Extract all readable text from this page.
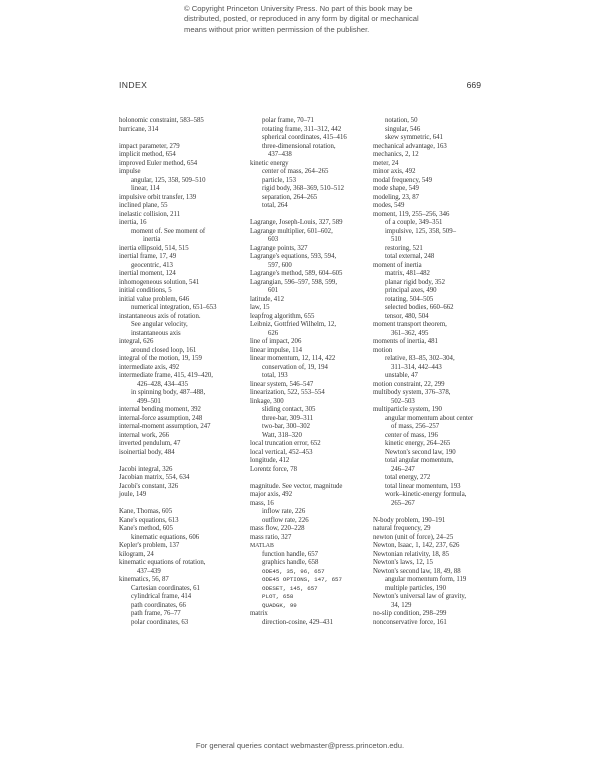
© Copyright Princeton University Press. No part of this book may be
distributed, posted, or reproduced in any form by digital or mechanical
means without prior written permission of the publisher.
INDEX	669
holonomic constraint, 583–585
hurricane, 314
impact parameter, 279
implicit method, 654
improved Euler method, 654
impulse
angular, 125, 358, 509–510
linear, 114
impulsive orbit transfer, 139
inclined plane, 55
inelastic collision, 211
inertia, 16
moment of. See moment of
inertia
inertia ellipsoid, 514, 515
inertial frame, 17, 49
geocentric, 413
inertial moment, 124
inhomogeneous solution, 541
initial conditions, 5
initial value problem, 646
numerical integration, 651–653
instantaneous axis of rotation.
See angular velocity,
instantaneous axis
integral, 626
around closed loop, 161
integral of the motion, 19, 159
intermediate axis, 492
intermediate frame, 415, 419–420,
426–428, 434–435
in spinning body, 487–488,
499–501
internal bending moment, 392
internal-force assumption, 248
internal-moment assumption, 247
internal work, 266
inverted pendulum, 47
isoinertial body, 484
Jacobi integral, 326
Jacobian matrix, 554, 634
Jacobi's constant, 326
joule, 149
Kane, Thomas, 605
Kane's equations, 613
Kane's method, 605
kinematic equations, 606
Kepler's problem, 137
kilogram, 24
kinematic equations of rotation,
437–439
kinematics, 56, 87
Cartesian coordinates, 61
cylindrical frame, 414
path coordinates, 66
path frame, 76–77
polar coordinates, 63
polar frame, 70–71
rotating frame, 311–312, 442
spherical coordinates, 415–416
three-dimensional rotation,
437–438
kinetic energy
center of mass, 264–265
particle, 153
rigid body, 368–369, 510–512
separation, 264–265
total, 264
Lagrange, Joseph-Louis, 327, 589
Lagrange multiplier, 601–602,
603
Lagrange points, 327
Lagrange's equations, 593, 594,
597, 600
Lagrange's method, 589, 604–605
Lagrangian, 596–597, 598, 599,
601
latitude, 412
law, 15
leapfrog algorithm, 655
Leibniz, Gottfried Wilhelm, 12,
626
line of impact, 206
linear impulse, 114
linear momentum, 12, 114, 422
conservation of, 19, 194
total, 193
linear system, 546–547
linearization, 522, 553–554
linkage, 300
sliding contact, 305
three-bar, 309–311
two-bar, 300–302
Watt, 318–320
local truncation error, 652
local vertical, 452–453
longitude, 412
Lorentz force, 78
magnitude. See vector, magnitude
major axis, 492
mass, 16
inflow rate, 226
outflow rate, 226
mass flow, 220–228
mass ratio, 327
MATLAB
function handle, 657
graphics handle, 658
ODE45, 35, 96, 657
ODE45 OPTIONS, 147, 657
ODESET, 145, 657
PLOT, 658
QUADGK, 99
matrix
direction-cosine, 429–431
notation, 50
singular, 546
skew symmetric, 641
mechanical advantage, 163
mechanics, 2, 12
meter, 24
minor axis, 492
modal frequency, 549
mode shape, 549
modeling, 23, 87
modes, 549
moment, 119, 255–256, 346
of a couple, 349–351
impulsive, 125, 358, 509–
510
restoring, 521
total external, 248
moment of inertia
matrix, 481–482
planar rigid body, 352
principal axes, 490
rotating, 504–505
selected bodies, 660–662
tensor, 480, 504
moment transport theorem,
361–362, 495
moments of inertia, 481
motion
relative, 83–85, 302–304,
311–314, 442–443
unstable, 47
motion constraint, 22, 299
multibody system, 376–378,
502–503
multiparticle system, 190
angular momentum about center
of mass, 256–257
center of mass, 196
kinetic energy, 264–265
Newton's second law, 190
total angular momentum,
246–247
total energy, 272
total linear momentum, 193
work–kinetic-energy formula,
265–267
N-body problem, 190–191
natural frequency, 29
newton (unit of force), 24–25
Newton, Isaac, 1, 142, 237, 626
Newtonian relativity, 18, 85
Newton's laws, 12, 15
Newton's second law, 18, 49, 88
angular momentum form, 119
multiple particles, 190
Newton's universal law of gravity,
34, 129
no-slip condition, 298–299
nonconservative force, 161
For general queries contact webmaster@press.princeton.edu.
